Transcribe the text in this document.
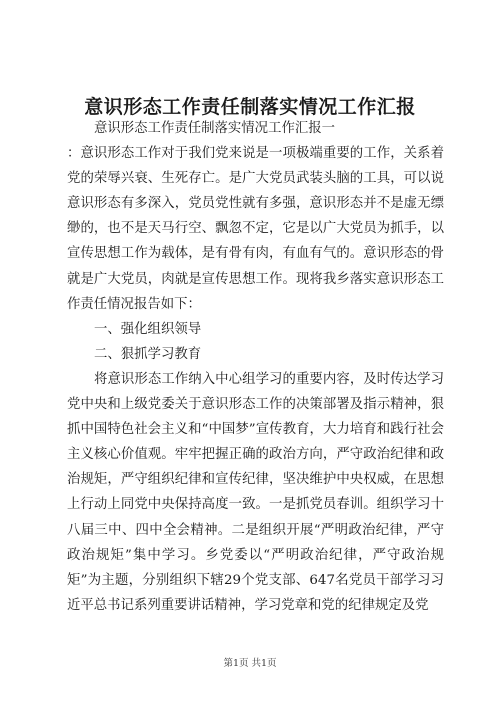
意识形态工作责任制落实情况工作汇报

意识形态工作责任制落实情况工作汇报一

：意识形态工作对于我们党来说是一项极端重要的工作，关系着党的荣辱兴衰、生死存亡。是广大党员武装头脑的工具，可以说意识形态有多深入，党员党性就有多强，意识形态并不是虚无缥缈的，也不是天马行空、飘忽不定，它是以广大党员为抓手，以宣传思想工作为载体，是有骨有肉，有血有气的。意识形态的骨就是广大党员，肉就是宣传思想工作。现将我乡落实意识形态工作责任情况报告如下：

一、强化组织领导

二、狠抓学习教育

将意识形态工作纳入中心组学习的重要内容，及时传达学习党中央和上级党委关于意识形态工作的决策部署及指示精神，狠抓中国特色社会主义和“中国梦”宣传教育，大力培育和践行社会主义核心价值观。牢牢把握正确的政治方向，严守政治纪律和政治规矩，严守组织纪律和宣传纪律，坚决维护中央权威，在思想上行动上同党中央保持高度一致。一是抓党员春训。组织学习十八届三中、四中全会精神。二是组织开展“严明政治纪律，严守政治规矩”集中学习。乡党委以“严明政治纪律，严守政治规矩”为主题，分别组织下辖29个党支部、647名党员干部学习习近平总书记系列重要讲话精神，学习党章和党的纪律规定及党

第1页 共1页
